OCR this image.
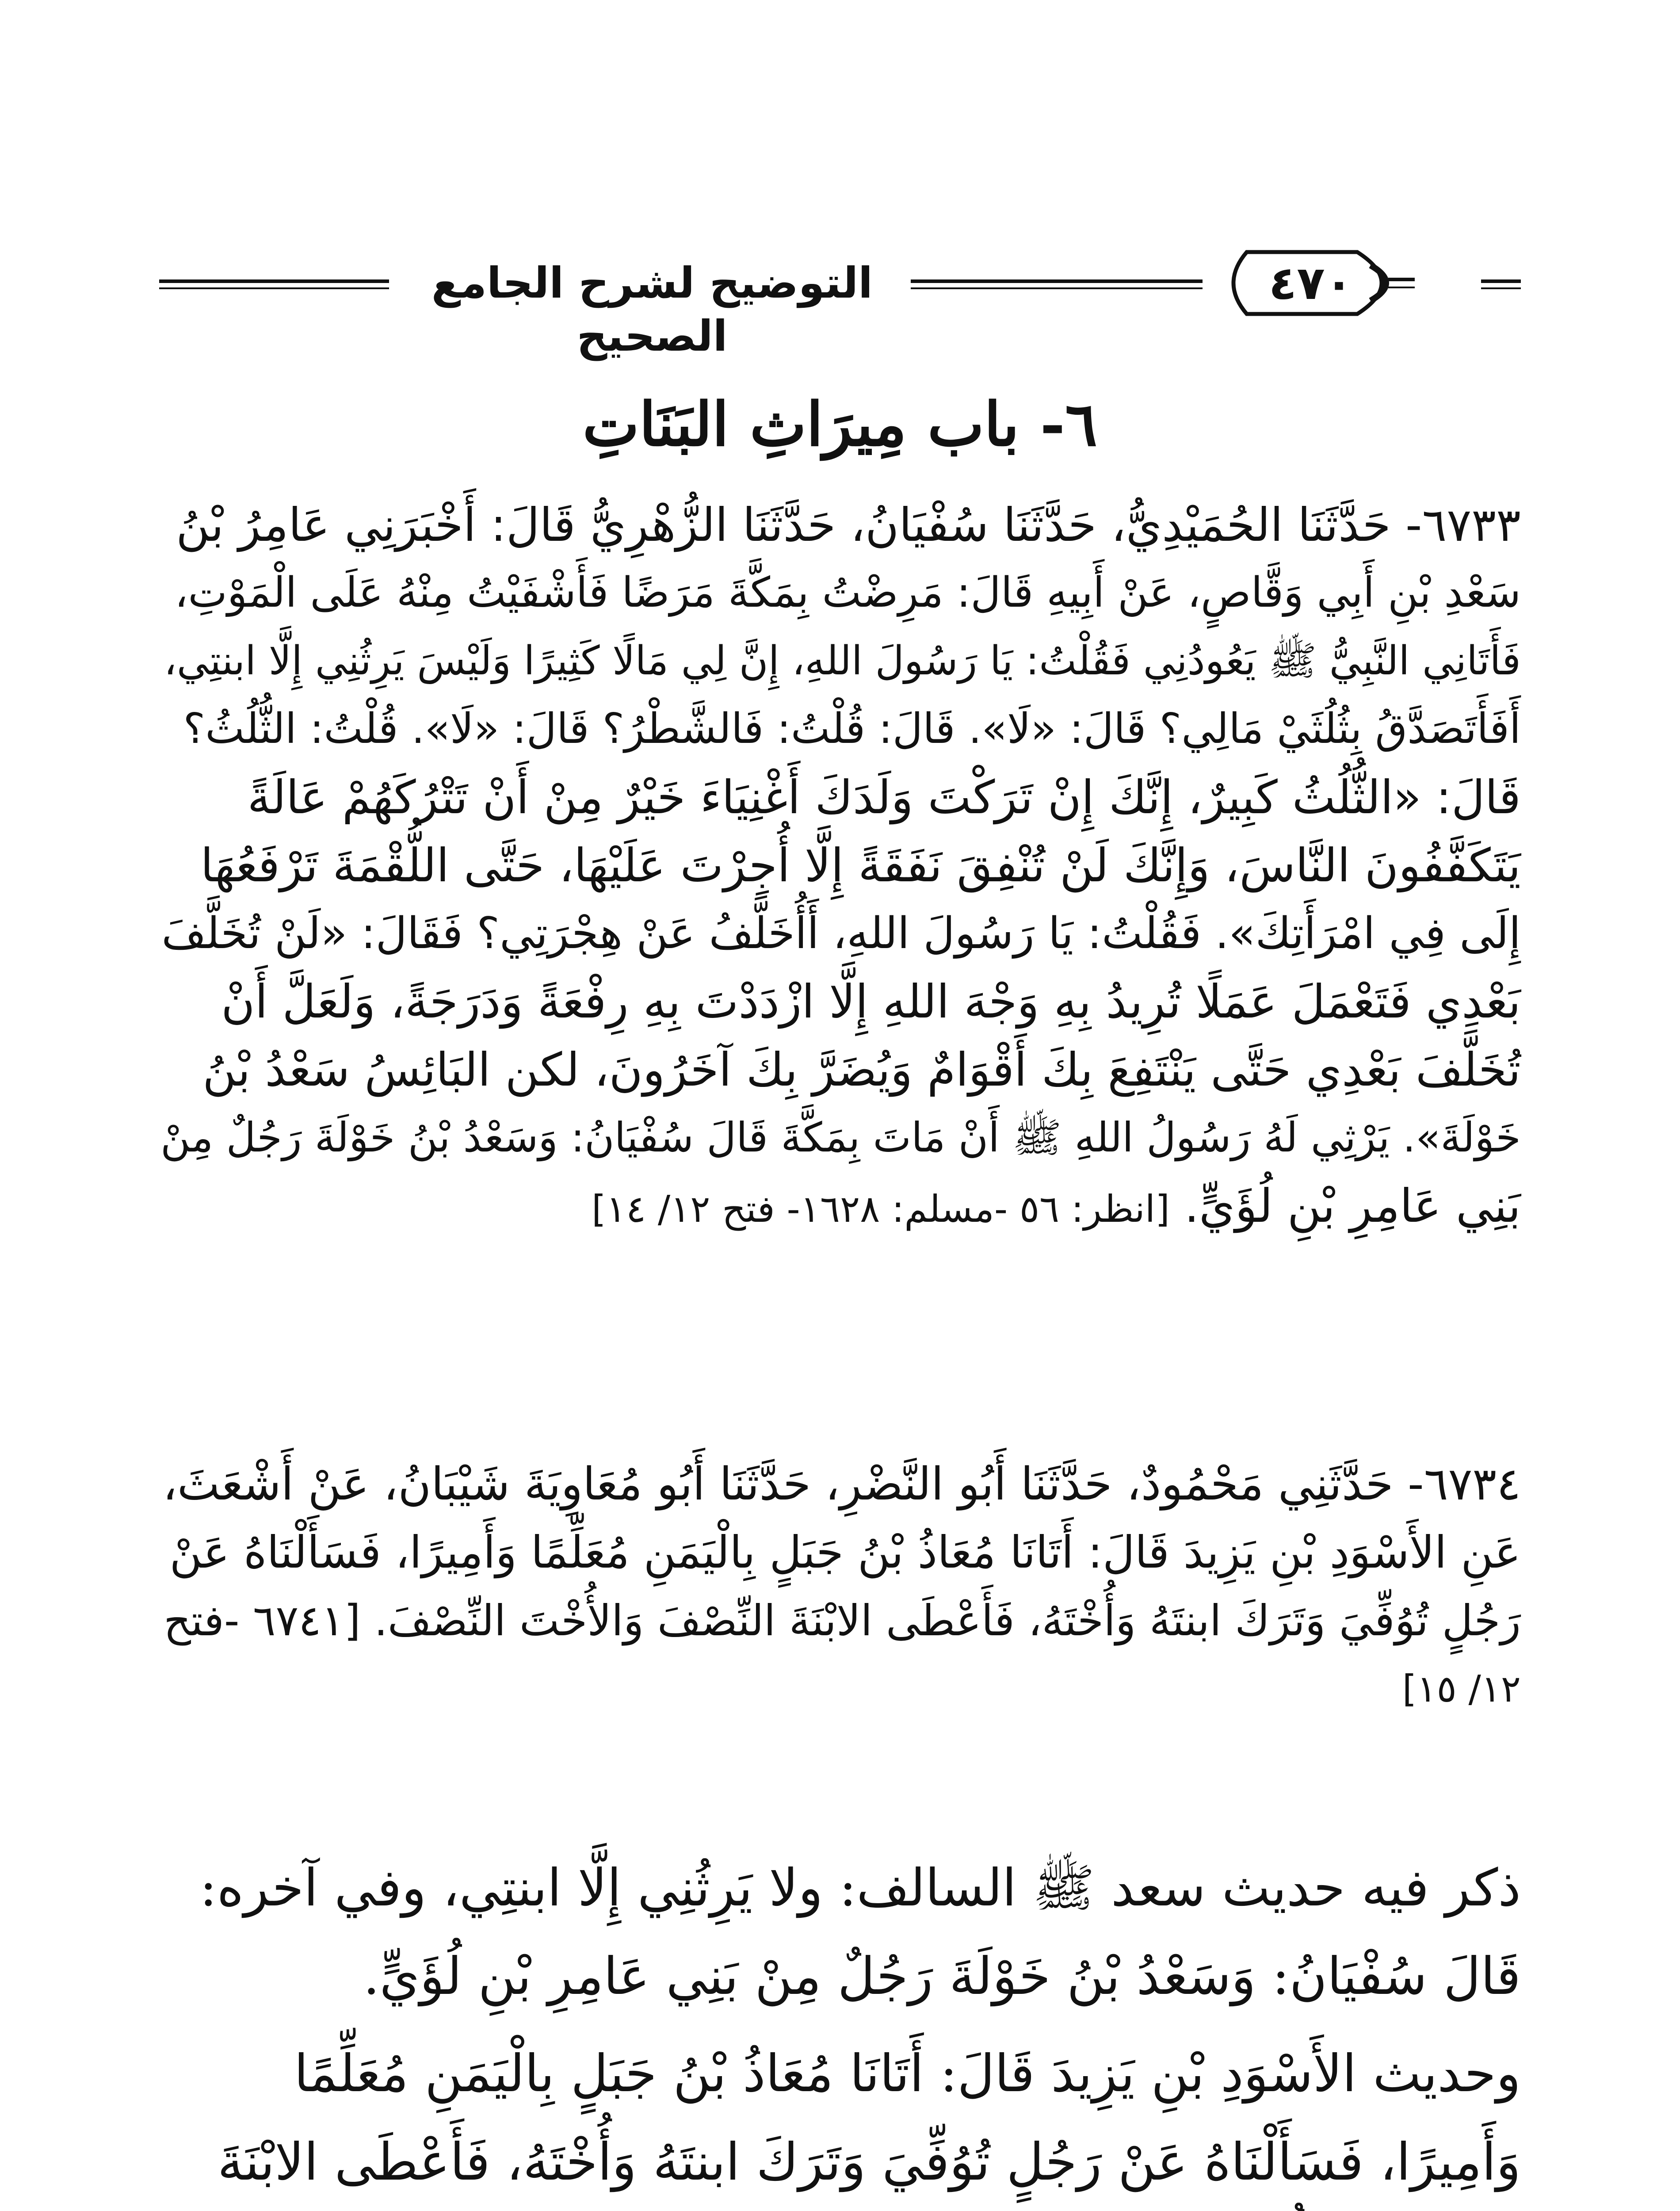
التوضيح لشرح الجامع الصحيح
٤٧٠
٦- باب مِيرَاثِ البَنَاتِ
٦٧٣٣- حَدَّثَنَا الحُمَيْدِيُّ، حَدَّثَنَا سُفْيَانُ، حَدَّثَنَا الزُّهْرِيُّ قَالَ: أَخْبَرَنِي عَامِرُ بْنُ
سَعْدِ بْنِ أَبِي وَقَّاصٍ، عَنْ أَبِيهِ قَالَ: مَرِضْتُ بِمَكَّةَ مَرَضًا فَأَشْفَيْتُ مِنْهُ عَلَى الْمَوْتِ،
فَأَتَانِي النَّبِيُّ ﷺ يَعُودُنِي فَقُلْتُ: يَا رَسُولَ اللهِ، إِنَّ لِي مَالًا كَثِيرًا وَلَيْسَ يَرِثُنِي إِلَّا ابنتِي،
أَفَأَتَصَدَّقُ بِثُلُثَيْ مَالِي؟ قَالَ: «لَا». قَالَ: قُلْتُ: فَالشَّطْرُ؟ قَالَ: «لَا». قُلْتُ: الثُّلُثُ؟
قَالَ: «الثُّلُثُ كَبِيرٌ، إِنَّكَ إِنْ تَرَكْتَ وَلَدَكَ أَغْنِيَاءَ خَيْرٌ مِنْ أَنْ تَتْرُكَهُمْ عَالَةً
يَتَكَفَّفُونَ النَّاسَ، وَإِنَّكَ لَنْ تُنْفِقَ نَفَقَةً إِلَّا أُجِرْتَ عَلَيْهَا، حَتَّى اللُّقْمَةَ تَرْفَعُهَا
إِلَى فِي امْرَأَتِكَ». فَقُلْتُ: يَا رَسُولَ اللهِ، أَأُخَلَّفُ عَنْ هِجْرَتِي؟ فَقَالَ: «لَنْ تُخَلَّفَ
بَعْدِي فَتَعْمَلَ عَمَلًا تُرِيدُ بِهِ وَجْهَ اللهِ إِلَّا ازْدَدْتَ بِهِ رِفْعَةً وَدَرَجَةً، وَلَعَلَّ أَنْ
تُخَلَّفَ بَعْدِي حَتَّى يَنْتَفِعَ بِكَ أَقْوَامٌ وَيُضَرَّ بِكَ آخَرُونَ، لكن البَائِسُ سَعْدُ بْنُ
خَوْلَةَ». يَرْثِي لَهُ رَسُولُ اللهِ ﷺ أَنْ مَاتَ بِمَكَّةَ قَالَ سُفْيَانُ: وَسَعْدُ بْنُ خَوْلَةَ رَجُلٌ مِنْ
بَنِي عَامِرِ بْنِ لُؤَيٍّ. [انظر: ٥٦ -مسلم: ١٦٢٨- فتح ١٢/ ١٤]
٦٧٣٤- حَدَّثَنِي مَحْمُودٌ، حَدَّثَنَا أَبُو النَّضْرِ، حَدَّثَنَا أَبُو مُعَاوِيَةَ شَيْبَانُ، عَنْ أَشْعَثَ،
عَنِ الأَسْوَدِ بْنِ يَزِيدَ قَالَ: أَتَانَا مُعَاذُ بْنُ جَبَلٍ بِالْيَمَنِ مُعَلِّمًا وَأَمِيرًا، فَسَأَلْنَاهُ عَنْ
رَجُلٍ تُوُفِّيَ وَتَرَكَ ابنتَهُ وَأُخْتَهُ، فَأَعْطَى الابْنَةَ النِّصْفَ وَالأُخْتَ النِّصْفَ. [٦٧٤١ -فتح
١٢/ ١٥]
ذكر فيه حديث سعد ﷺ السالف: ولا يَرِثُنِي إِلَّا ابنتِي، وفي آخره:
قَالَ سُفْيَانُ: وَسَعْدُ بْنُ خَوْلَةَ رَجُلٌ مِنْ بَنِي عَامِرِ بْنِ لُؤَيٍّ.
وحديث الأَسْوَدِ بْنِ يَزِيدَ قَالَ: أَتَانَا مُعَاذُ بْنُ جَبَلٍ بِالْيَمَنِ مُعَلِّمًا
وَأَمِيرًا، فَسَأَلْنَاهُ عَنْ رَجُلٍ تُوُفِّيَ وَتَرَكَ ابنتَهُ وَأُخْتَهُ، فَأَعْطَى الابْنَةَ
